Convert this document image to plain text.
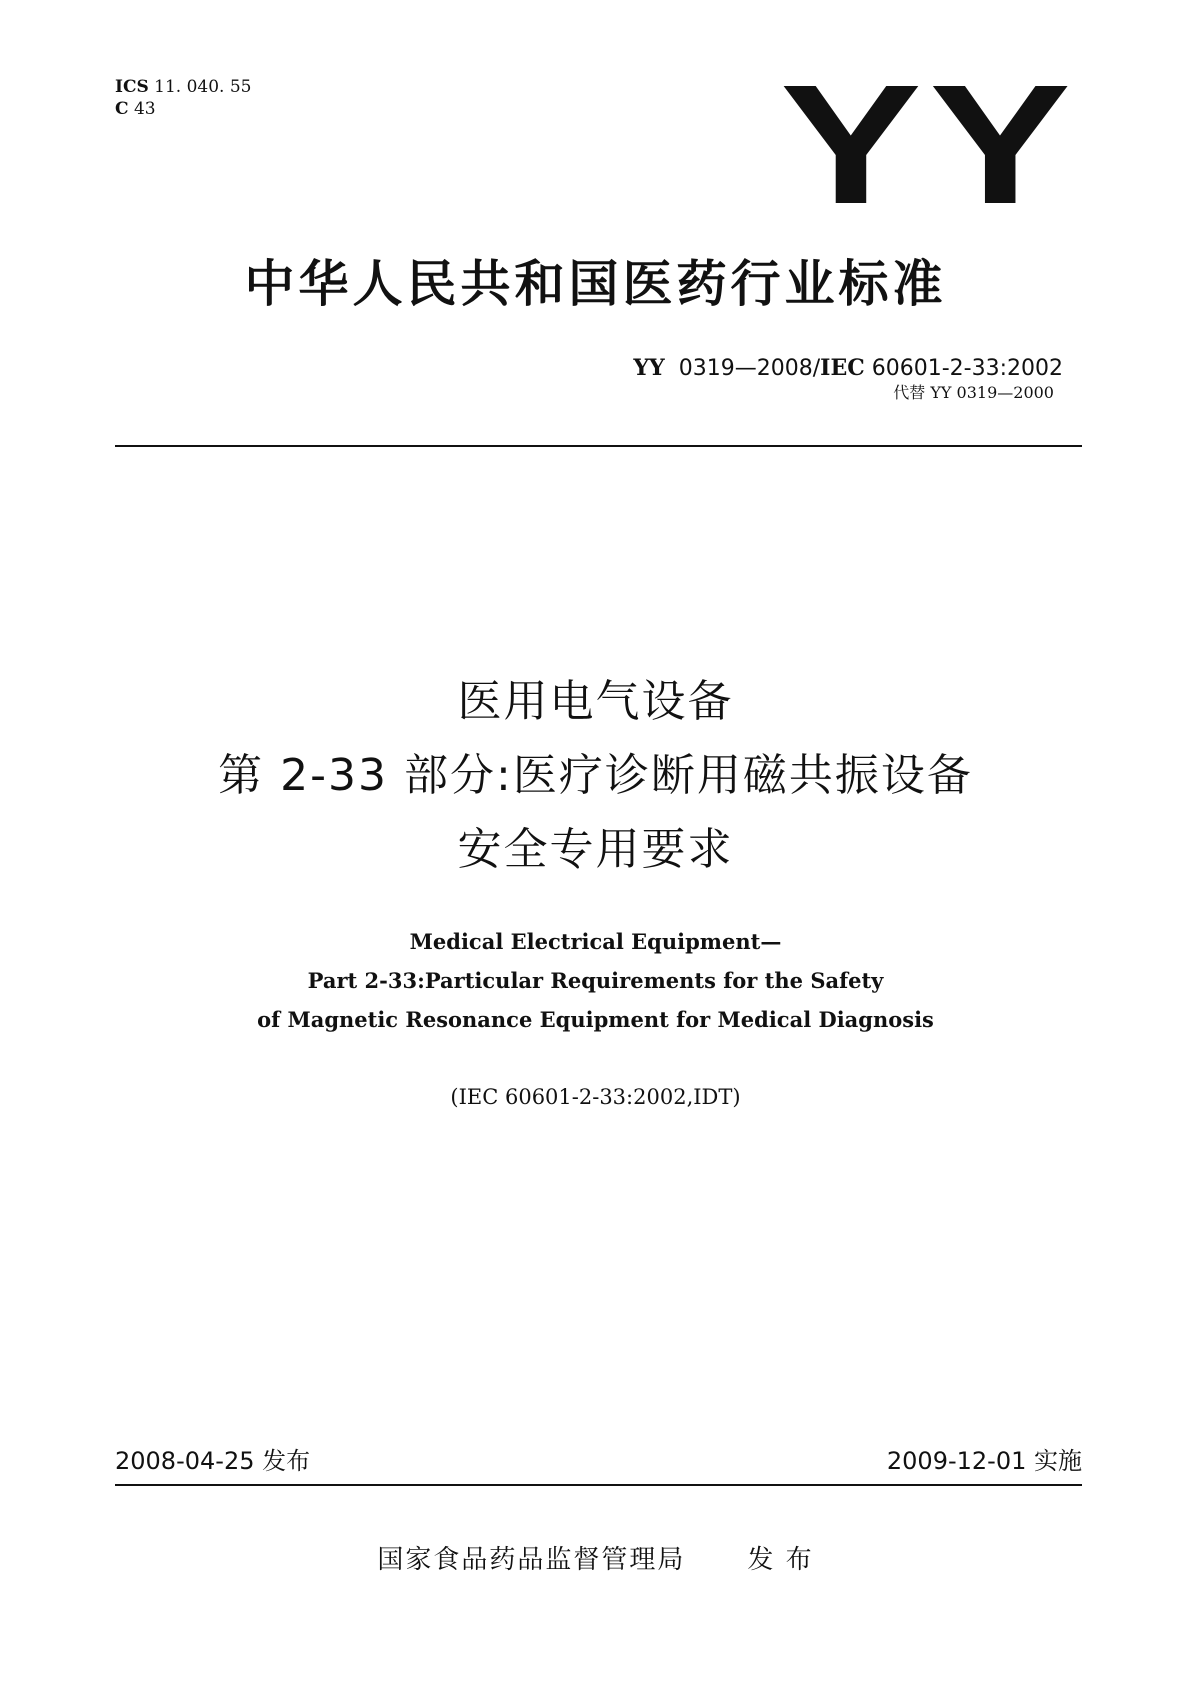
ICS 11. 040. 55
C 43	YY
中华人民共和国医药行业标准
YY 0319—2008/IEC 60601-2-33:2002
代替 YY 0319—2000
医用电气设备
第 2-33 部分:医疗诊断用磁共振设备
安全专用要求
Medical Electrical Equipment—
Part 2-33:Particular Requirements for the Safety
of Magnetic Resonance Equipment for Medical Diagnosis
(IEC 60601-2-33:2002,IDT)
2008-04-25 发布	2009-12-01 实施
国家食品药品监督管理局 发 布
